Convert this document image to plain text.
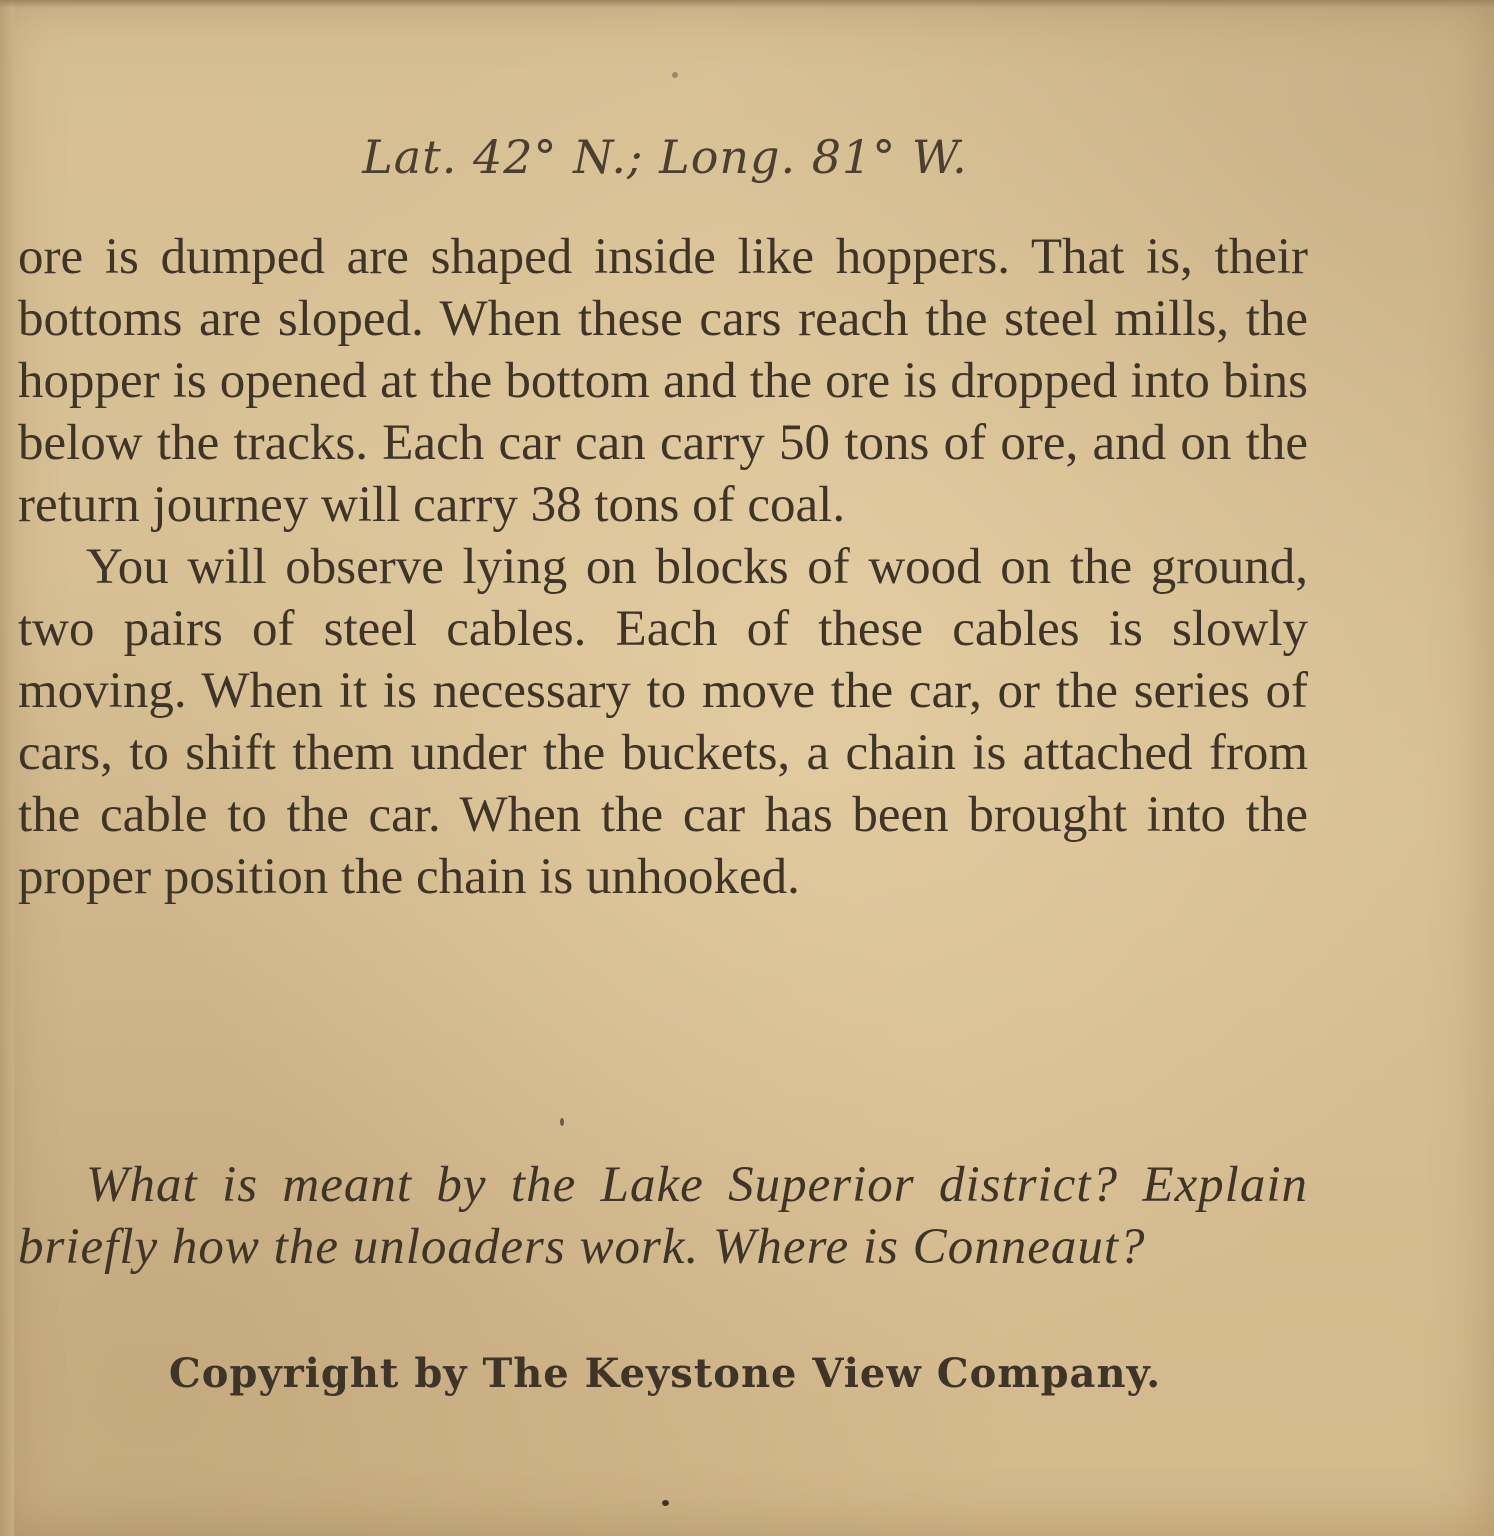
Lat. 42° N.; Long. 81° W.

ore is dumped are shaped inside like hoppers. That is, their bottoms are sloped. When these cars reach the steel mills, the hopper is opened at the bottom and the ore is dropped into bins below the tracks. Each car can carry 50 tons of ore, and on the return journey will carry 38 tons of coal.

You will observe lying on blocks of wood on the ground, two pairs of steel cables. Each of these cables is slowly moving. When it is necessary to move the car, or the series of cars, to shift them under the buckets, a chain is attached from the cable to the car. When the car has been brought into the proper position the chain is unhooked.

What is meant by the Lake Superior district? Explain briefly how the unloaders work. Where is Conneaut?

Copyright by The Keystone View Company.
